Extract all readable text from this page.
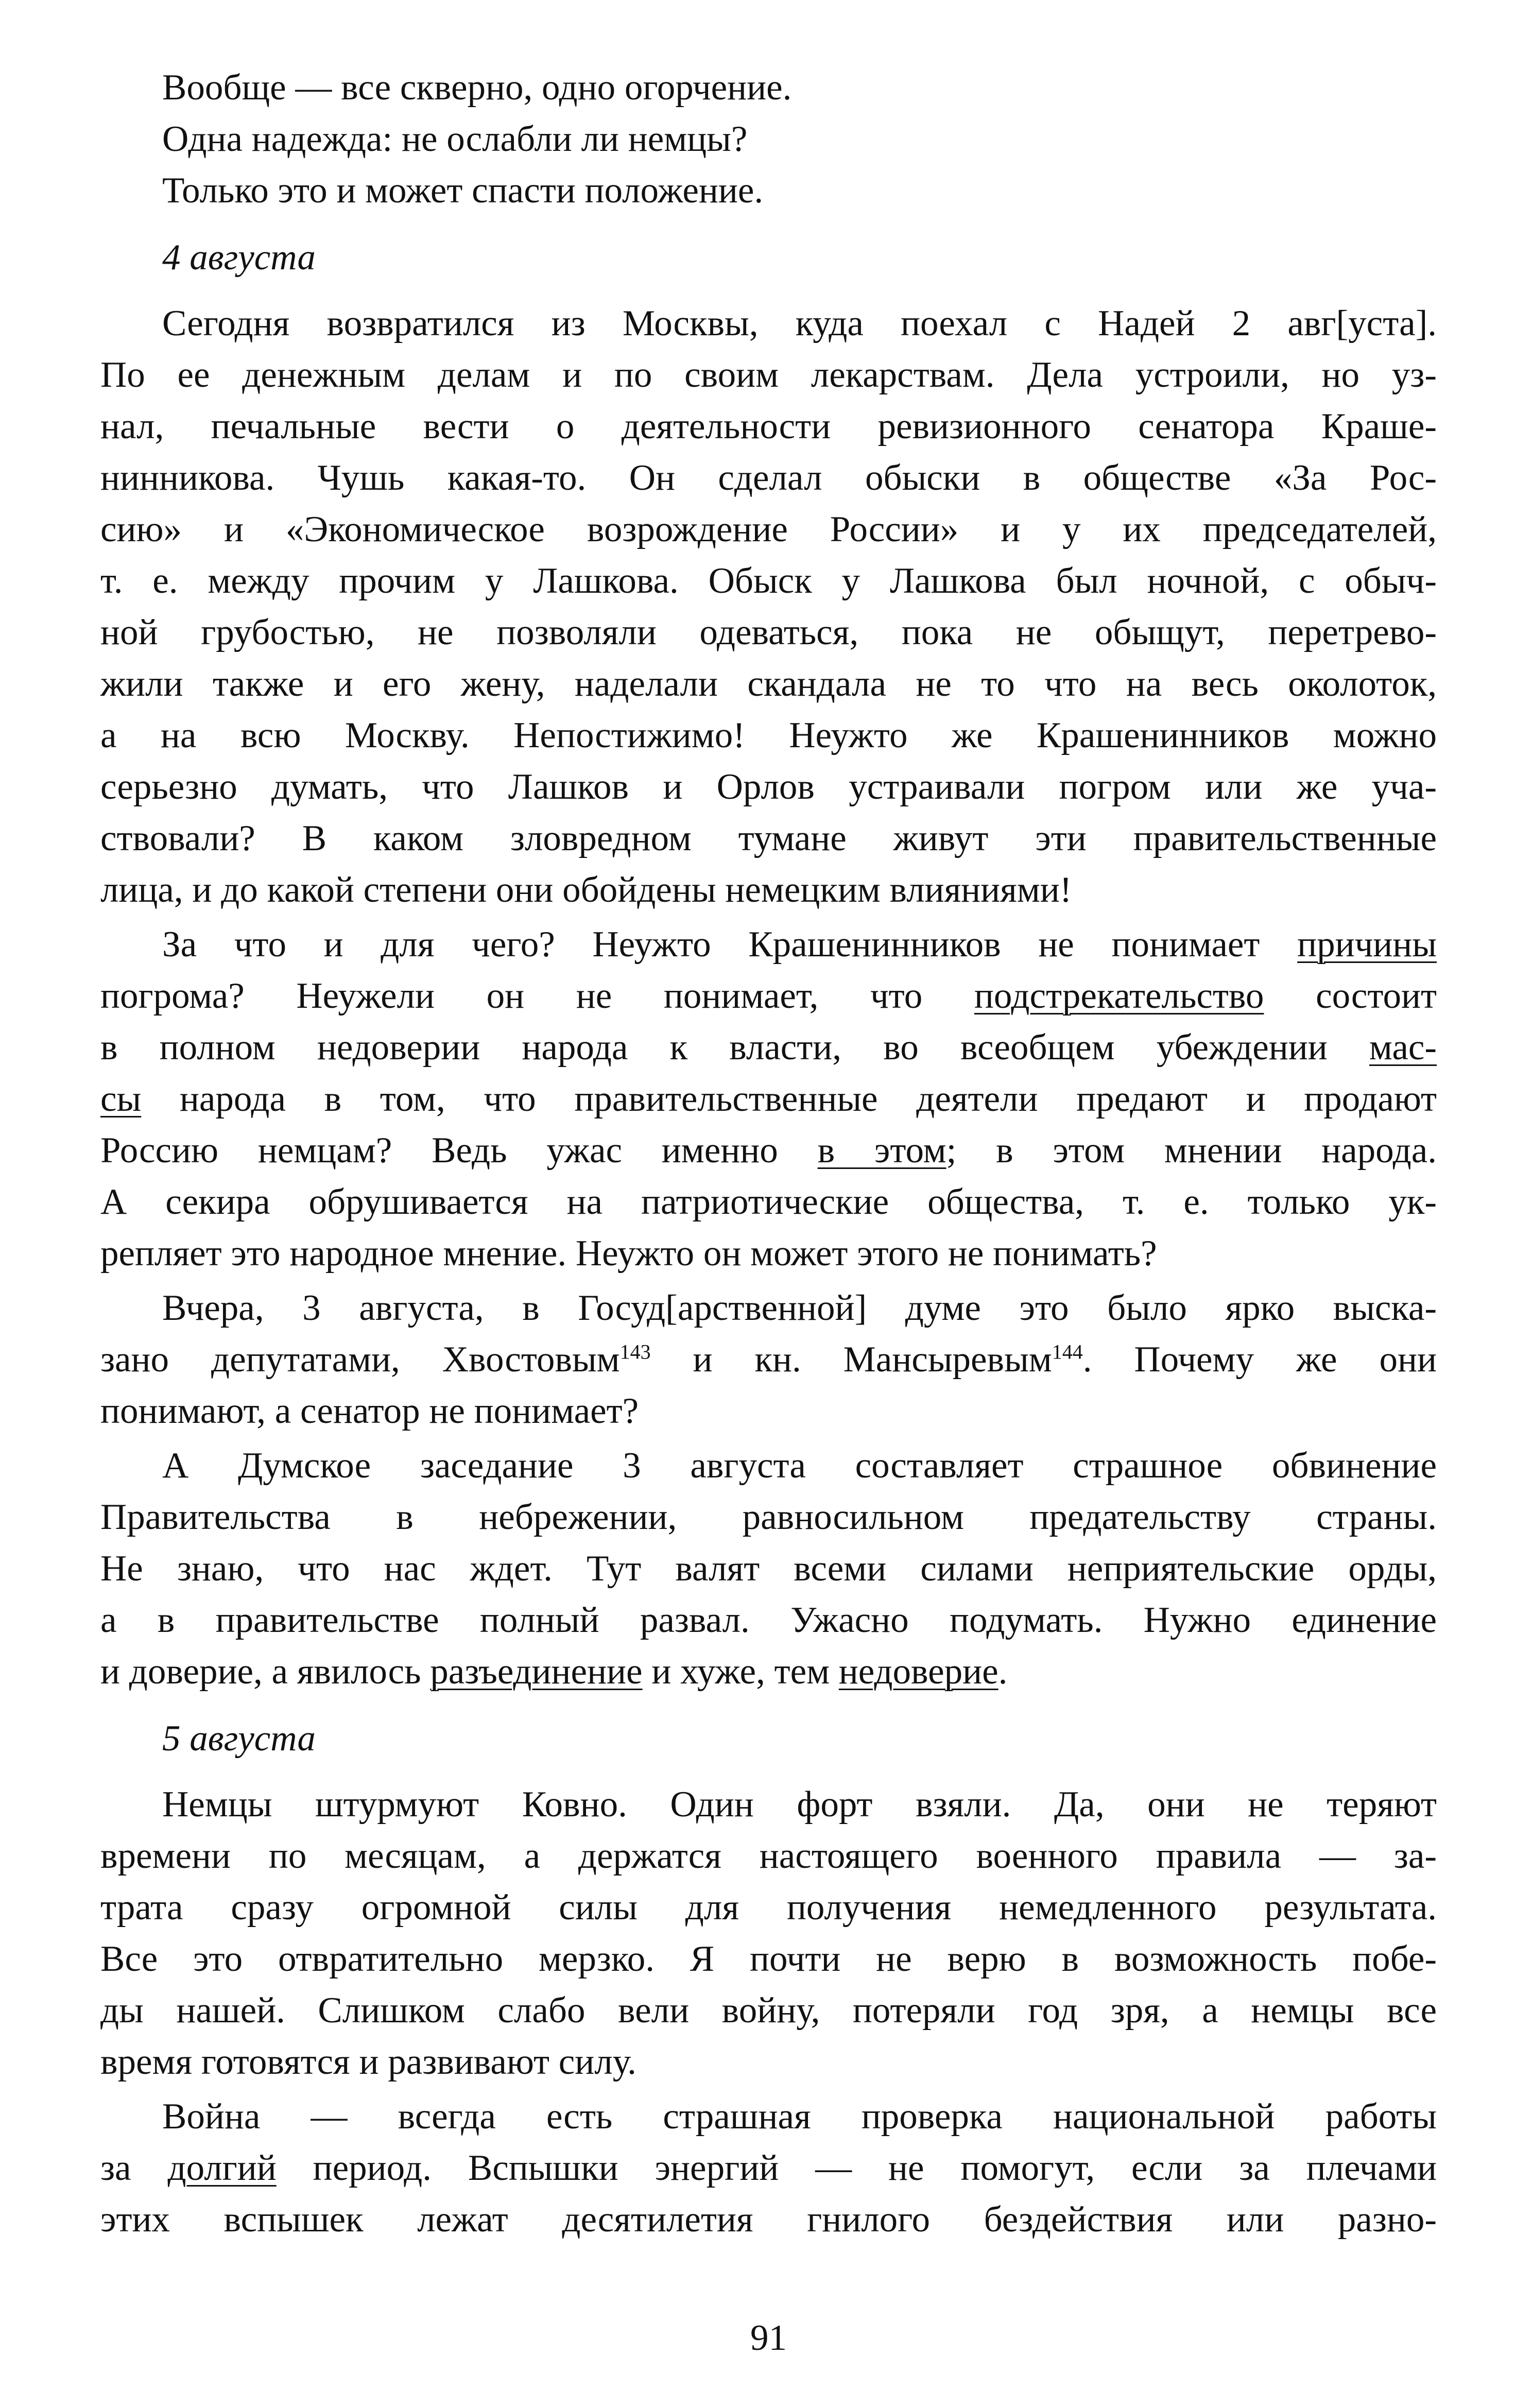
Вообще — все скверно, одно огорчение.
Одна надежда: не ослабли ли немцы?
Только это и может спасти положение.
4 августа
Сегодня возвратился из Москвы, куда поехал с Надей 2 авг[уста].
По ее денежным делам и по своим лекарствам. Дела устроили, но уз-
нал, печальные вести о деятельности ревизионного сенатора Краше-
нинникова. Чушь какая-то. Он сделал обыски в обществе «За Рос-
сию» и «Экономическое возрождение России» и у их председателей,
т. е. между прочим у Лашкова. Обыск у Лашкова был ночной, с обыч-
ной грубостью, не позволяли одеваться, пока не обыщут, перетрево-
жили также и его жену, наделали скандала не то что на весь околоток,
а на всю Москву. Непостижимо! Неужто же Крашенинников можно
серьезно думать, что Лашков и Орлов устраивали погром или же уча-
ствовали? В каком зловредном тумане живут эти правительственные
лица, и до какой степени они обойдены немецким влияниями!
За что и для чего? Неужто Крашенинников не понимает причины
погрома? Неужели он не понимает, что подстрекательство состоит
в полном недоверии народа к власти, во всеобщем убеждении мас-
сы народа в том, что правительственные деятели предают и продают
Россию немцам? Ведь ужас именно в этом; в этом мнении народа.
А секира обрушивается на патриотические общества, т. е. только ук-
репляет это народное мнение. Неужто он может этого не понимать?
Вчера, 3 августа, в Госуд[арственной] думе это было ярко выска-
зано депутатами, Хвостовым$^{143}$ и кн. Мансыревым$^{144}$. Почему же они
понимают, а сенатор не понимает?
А Думское заседание 3 августа составляет страшное обвинение
Правительства в небрежении, равносильном предательству страны.
Не знаю, что нас ждет. Тут валят всеми силами неприятельские орды,
а в правительстве полный развал. Ужасно подумать. Нужно единение
и доверие, а явилось разъединение и хуже, тем недоверие.
5 августа
Немцы штурмуют Ковно. Один форт взяли. Да, они не теряют
времени по месяцам, а держатся настоящего военного правила — за-
трата сразу огромной силы для получения немедленного результата.
Все это отвратительно мерзко. Я почти не верю в возможность побе-
ды нашей. Слишком слабо вели войну, потеряли год зря, а немцы все
время готовятся и развивают силу.
Война — всегда есть страшная проверка национальной работы
за долгий период. Вспышки энергий — не помогут, если за плечами
этих вспышек лежат десятилетия гнилого бездействия или разно-
91
